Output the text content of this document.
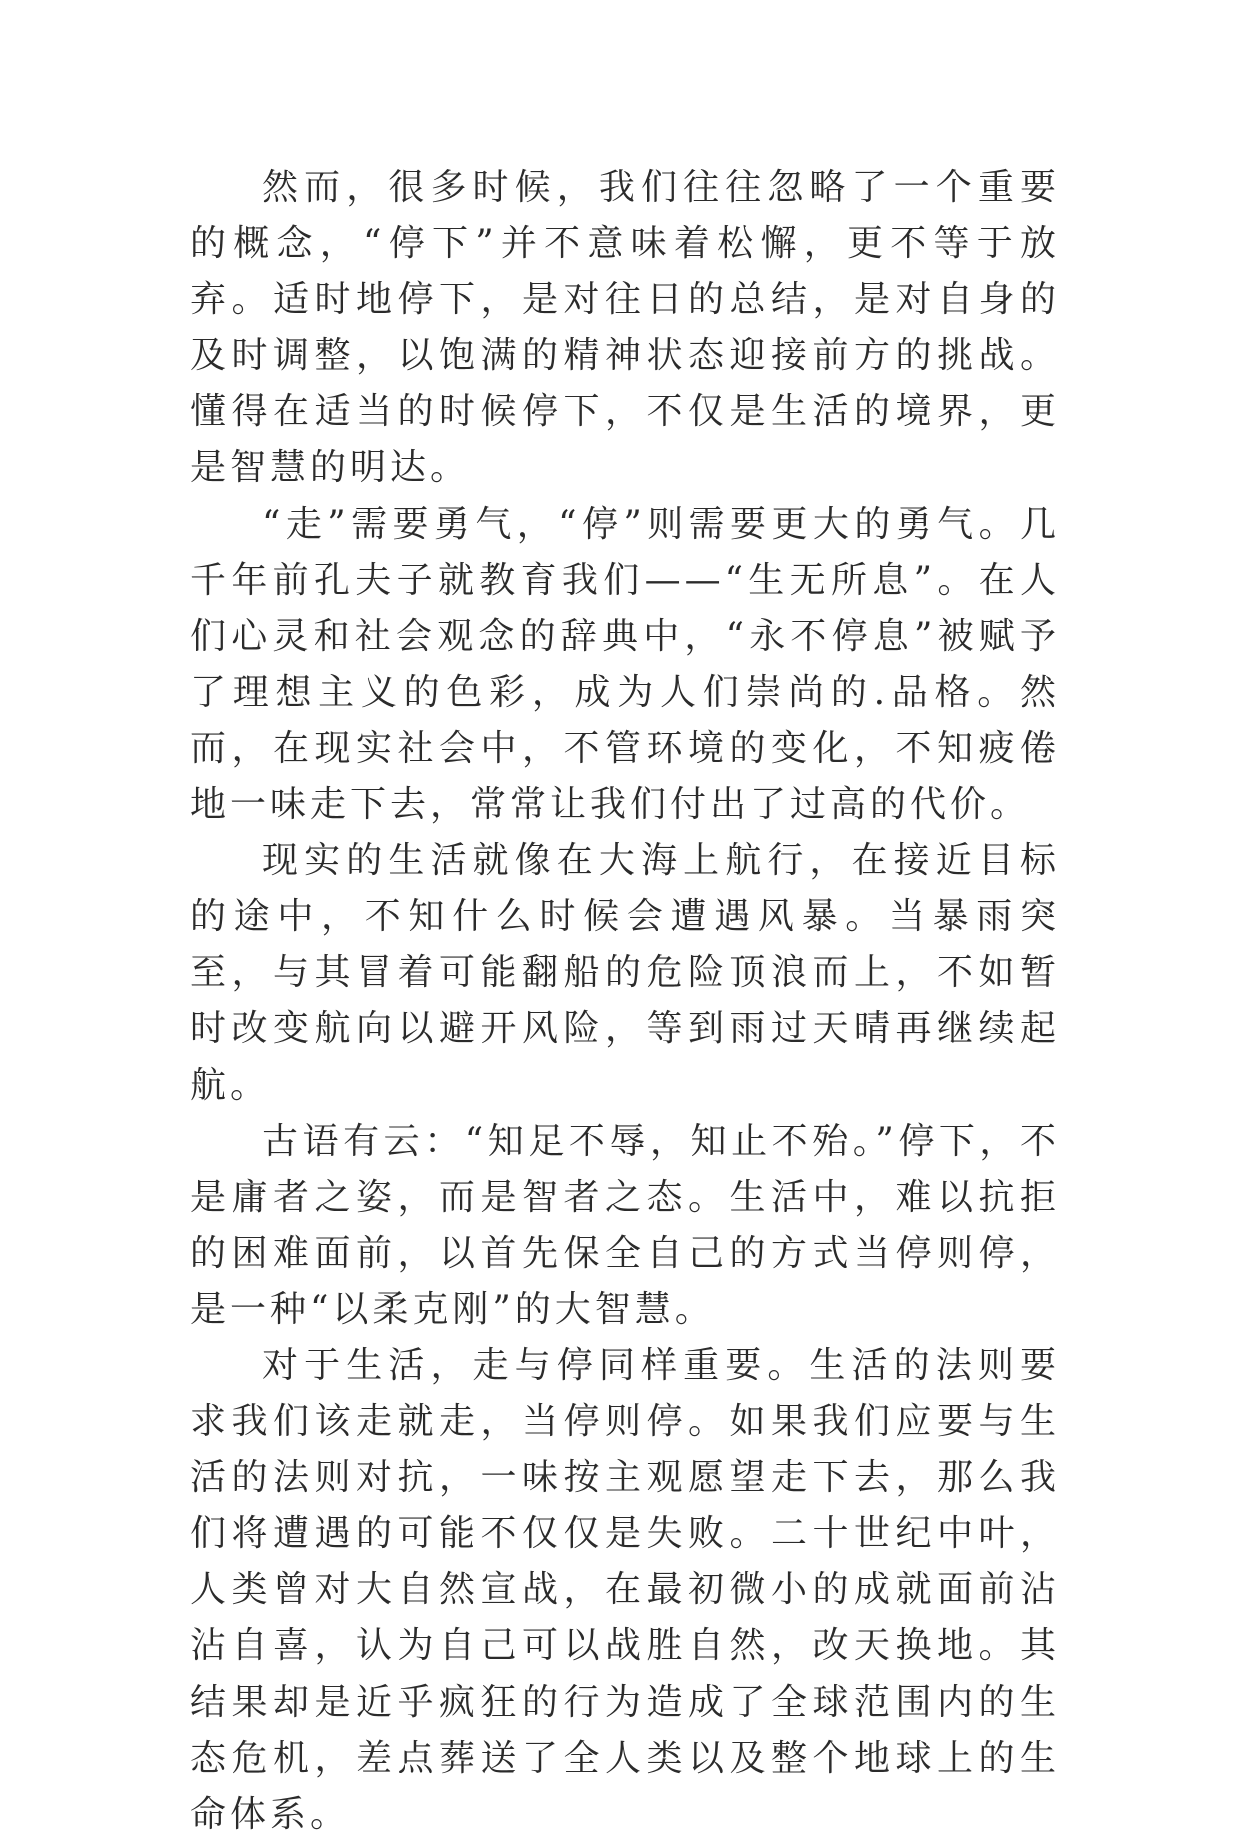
然而，很多时候，我们往往忽略了一个重要的概念，“停下”并不意味着松懈，更不等于放弃。适时地停下，是对往日的总结，是对自身的及时调整，以饱满的精神状态迎接前方的挑战。懂得在适当的时候停下，不仅是生活的境界，更是智慧的明达。

“走”需要勇气，“停”则需要更大的勇气。几千年前孔夫子就教育我们——“生无所息”。在人们心灵和社会观念的辞典中，“永不停息”被赋予了理想主义的色彩，成为人们崇尚的.品格。然而，在现实社会中，不管环境的变化，不知疲倦地一味走下去，常常让我们付出了过高的代价。

现实的生活就像在大海上航行，在接近目标的途中，不知什么时候会遭遇风暴。当暴雨突至，与其冒着可能翻船的危险顶浪而上，不如暂时改变航向以避开风险，等到雨过天晴再继续起航。

古语有云：“知足不辱，知止不殆。”停下，不是庸者之姿，而是智者之态。生活中，难以抗拒的困难面前，以首先保全自己的方式当停则停，是一种“以柔克刚”的大智慧。

对于生活，走与停同样重要。生活的法则要求我们该走就走，当停则停。如果我们应要与生活的法则对抗，一味按主观愿望走下去，那么我们将遭遇的可能不仅仅是失败。二十世纪中叶，人类曾对大自然宣战，在最初微小的成就面前沾沾自喜，认为自己可以战胜自然，改天换地。其结果却是近乎疯狂的行为造成了全球范围内的生态危机，差点葬送了全人类以及整个地球上的生命体系。
